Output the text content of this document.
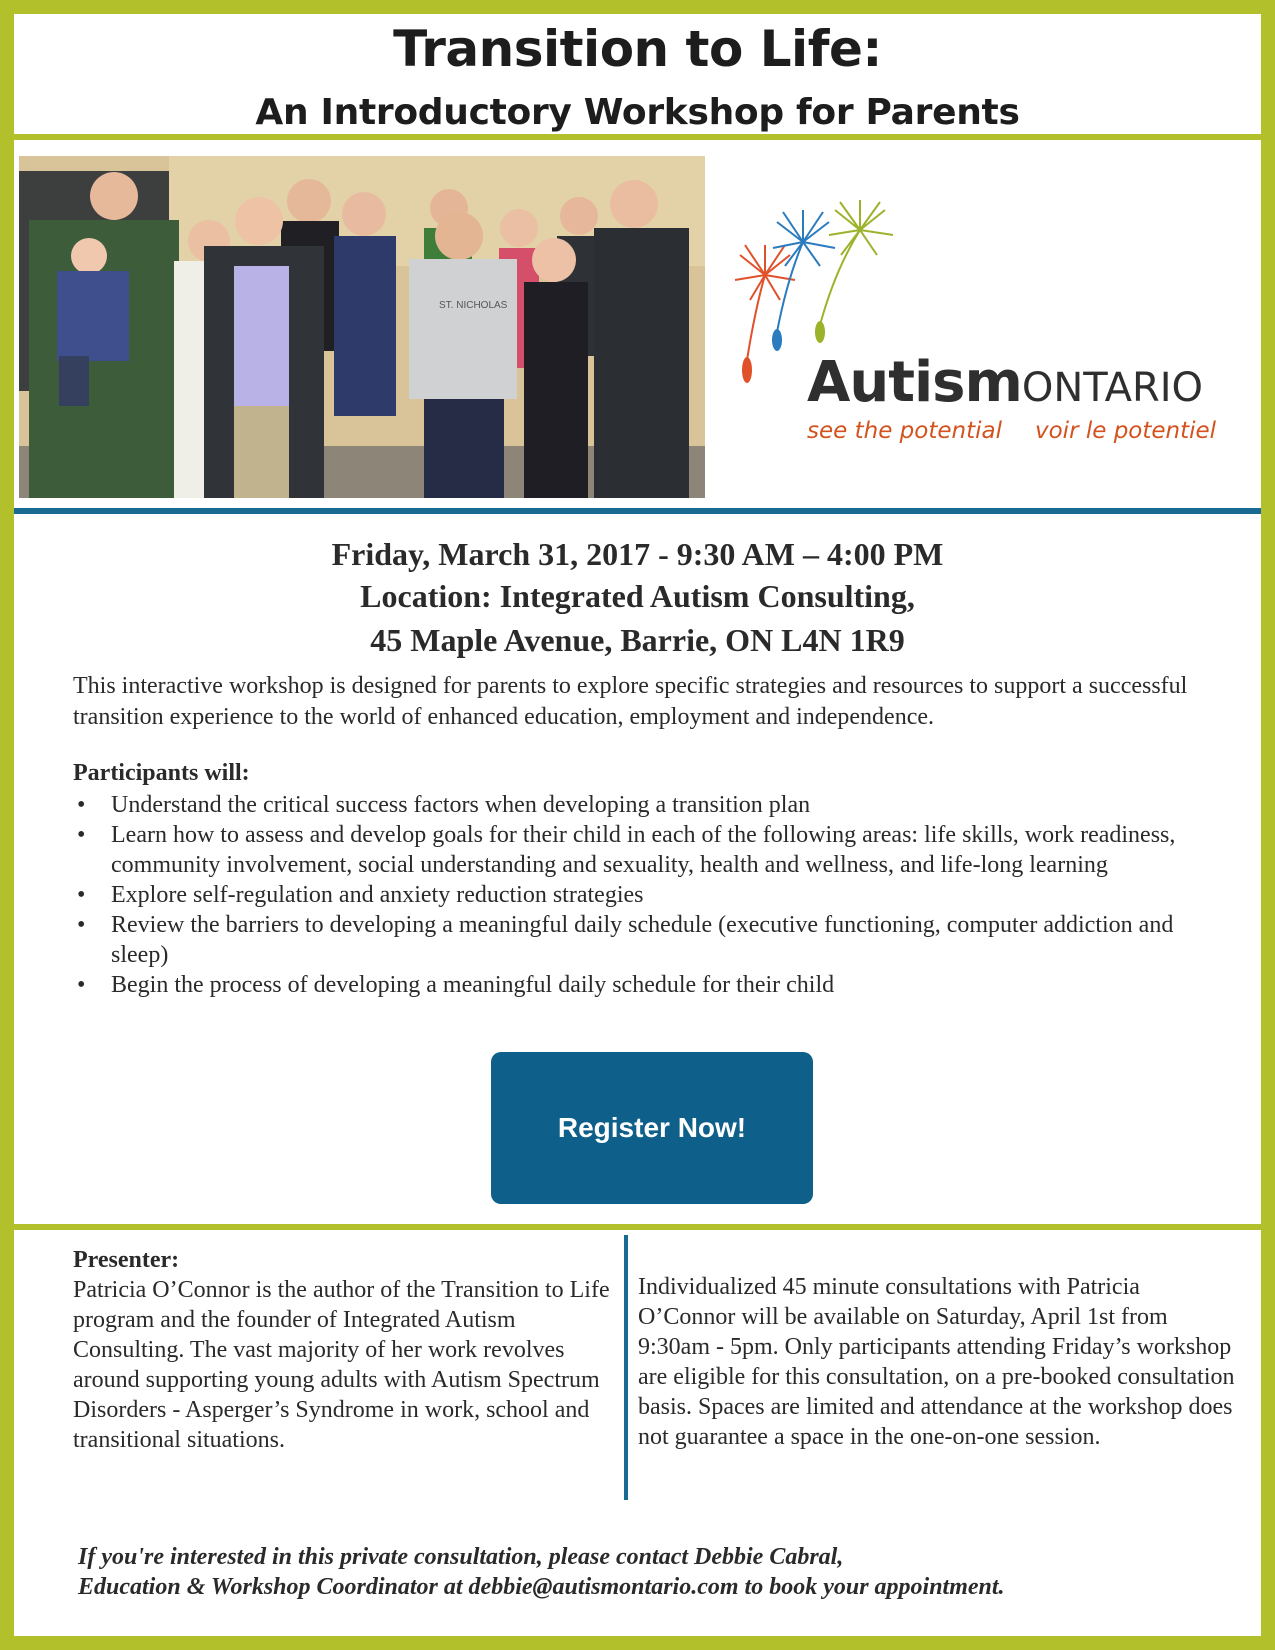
Transition to Life:
An Introductory Workshop for Parents
ST. NICHOLAS
AutismONTARIO
see the potential voir le potentiel
Friday, March 31, 2017 - 9:30 AM – 4:00 PM
Location: Integrated Autism Consulting,
45 Maple Avenue, Barrie, ON L4N 1R9
This interactive workshop is designed for parents to explore specific strategies and resources to support a successful transition experience to the world of enhanced education, employment and independence.
Participants will:
• Understand the critical success factors when developing a transition plan
• Learn how to assess and develop goals for their child in each of the following areas: life skills, work readiness, community involvement, social understanding and sexuality, health and wellness, and life-long learning
• Explore self-regulation and anxiety reduction strategies
• Review the barriers to developing a meaningful daily schedule (executive functioning, computer addiction and sleep)
• Begin the process of developing a meaningful daily schedule for their child
Register Now!
Presenter:
Patricia O’Connor is the author of the Transition to Life program and the founder of Integrated Autism Consulting. The vast majority of her work revolves around supporting young adults with Autism Spectrum Disorders - Asperger’s Syndrome in work, school and transitional situations.
Individualized 45 minute consultations with Patricia O’Connor will be available on Saturday, April 1st from 9:30am - 5pm. Only participants attending Friday’s workshop are eligible for this consultation, on a pre-booked consultation basis. Spaces are limited and attendance at the workshop does not guarantee a space in the one-on-one session.
If you're interested in this private consultation, please contact Debbie Cabral,
Education & Workshop Coordinator at debbie@autismontario.com to book your appointment.
